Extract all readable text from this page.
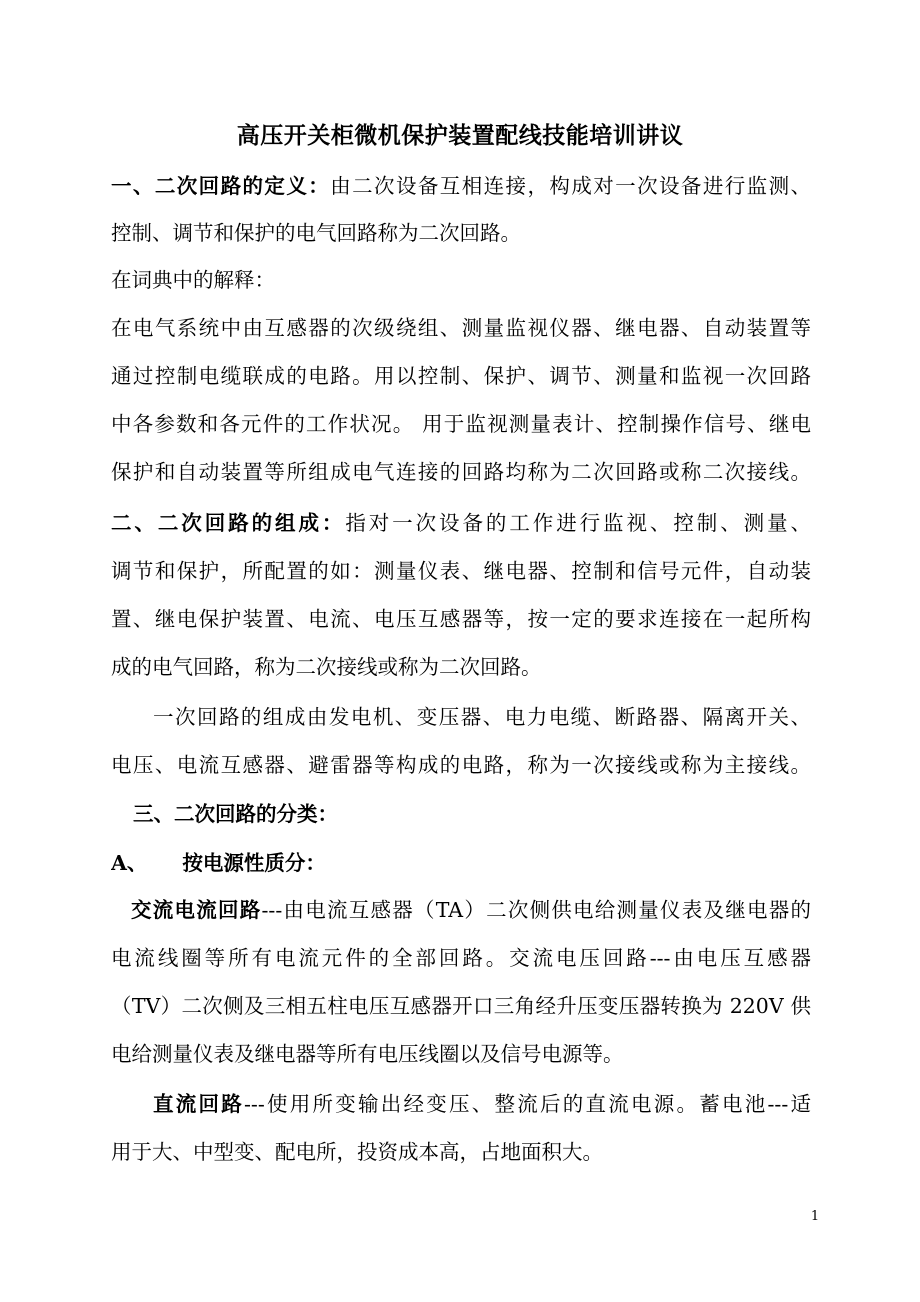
高压开关柜微机保护装置配线技能培训讲议
一、二次回路的定义：由二次设备互相连接，构成对一次设备进行监测、
控制、调节和保护的电气回路称为二次回路。
在词典中的解释：
在电气系统中由互感器的次级绕组、测量监视仪器、继电器、自动装置等
通过控制电缆联成的电路。用以控制、保护、调节、测量和监视一次回路
中各参数和各元件的工作状况。 用于监视测量表计、控制操作信号、继电
保护和自动装置等所组成电气连接的回路均称为二次回路或称二次接线。
二、二次回路的组成：指对一次设备的工作进行监视、控制、测量、
调节和保护，所配置的如：测量仪表、继电器、控制和信号元件，自动装
置、继电保护装置、电流、电压互感器等，按一定的要求连接在一起所构
成的电气回路，称为二次接线或称为二次回路。
一次回路的组成由发电机、变压器、电力电缆、断路器、隔离开关、
电压、电流互感器、避雷器等构成的电路，称为一次接线或称为主接线。
三、二次回路的分类：
A、 按电源性质分：
交流电流回路---由电流互感器（TA）二次侧供电给测量仪表及继电器的
电流线圈等所有电流元件的全部回路。交流电压回路---由电压互感器
（TV）二次侧及三相五柱电压互感器开口三角经升压变压器转换为 220V 供
电给测量仪表及继电器等所有电压线圈以及信号电源等。
直流回路---使用所变输出经变压、整流后的直流电源。蓄电池---适
用于大、中型变、配电所，投资成本高，占地面积大。
1
